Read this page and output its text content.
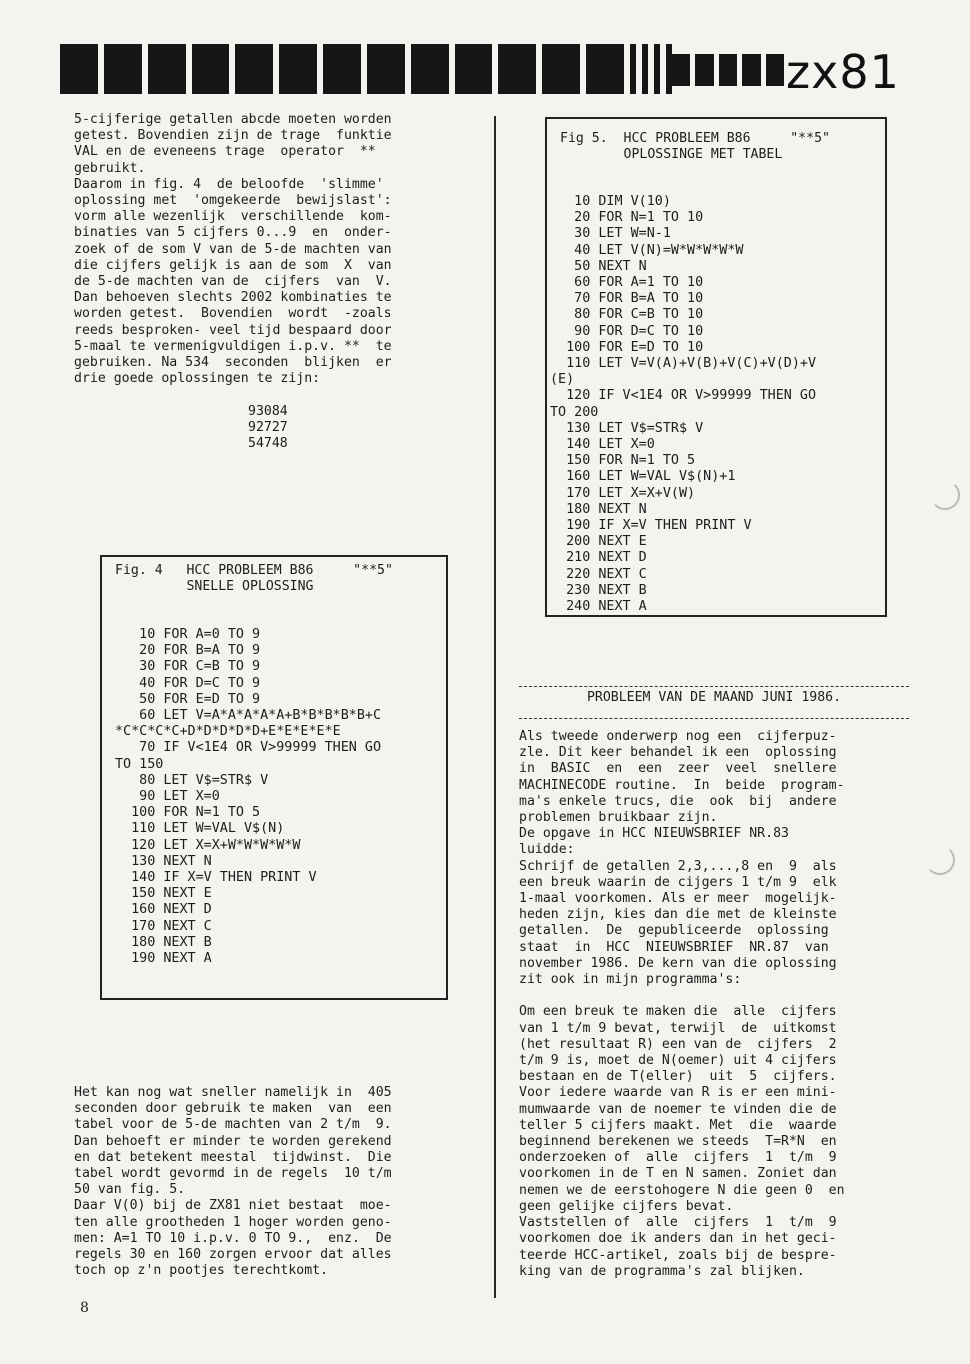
zx81
5-cijferige getallen abcde moeten worden
getest. Bovendien zijn de trage  funktie
VAL en de eveneens trage  operator  **
gebruikt.
Daarom in fig. 4  de beloofde  'slimme'
oplossing met  'omgekeerde  bewijslast':
vorm alle wezenlijk  verschillende  kom-
binaties van 5 cijfers 0...9  en  onder-
zoek of de som V van de 5-de machten van
die cijfers gelijk is aan de som  X  van
de 5-de machten van de  cijfers  van  V.
Dan behoeven slechts 2002 kombinaties te
worden getest.  Bovendien  wordt  -zoals
reeds besproken- veel tijd bespaard door
5-maal te vermenigvuldigen i.p.v. **  te
gebruiken. Na 534  seconden  blijken  er
drie goede oplossingen te zijn:
93084
92727
54748
Fig. 4   HCC PROBLEEM B86     "**5"
SNELLE OPLOSSING
10 FOR A=0 TO 9
20 FOR B=A TO 9
30 FOR C=B TO 9
40 FOR D=C TO 9
50 FOR E=D TO 9
60 LET V=A*A*A*A*A+B*B*B*B*B+C
*C*C*C*C+D*D*D*D*D+E*E*E*E*E
70 IF V<1E4 OR V>99999 THEN GO
TO 150
80 LET V$=STR$ V
90 LET X=0
100 FOR N=1 TO 5
110 LET W=VAL V$(N)
120 LET X=X+W*W*W*W*W
130 NEXT N
140 IF X=V THEN PRINT V
150 NEXT E
160 NEXT D
170 NEXT C
180 NEXT B
190 NEXT A
Het kan nog wat sneller namelijk in  405
seconden door gebruik te maken  van  een
tabel voor de 5-de machten van 2 t/m  9.
Dan behoeft er minder te worden gerekend
en dat betekent meestal  tijdwinst.  Die
tabel wordt gevormd in de regels  10 t/m
50 van fig. 5.
Daar V(0) bij de ZX81 niet bestaat  moe-
ten alle grootheden 1 hoger worden geno-
men: A=1 TO 10 i.p.v. 0 TO 9.,  enz.  De
regels 30 en 160 zorgen ervoor dat alles
toch op z'n pootjes terechtkomt.
Fig 5.  HCC PROBLEEM B86     "**5"
OPLOSSINGE MET TABEL
10 DIM V(10)
20 FOR N=1 TO 10
30 LET W=N-1
40 LET V(N)=W*W*W*W*W
50 NEXT N
60 FOR A=1 TO 10
70 FOR B=A TO 10
80 FOR C=B TO 10
90 FOR D=C TO 10
100 FOR E=D TO 10
110 LET V=V(A)+V(B)+V(C)+V(D)+V
(E)
120 IF V<1E4 OR V>99999 THEN GO
TO 200
130 LET V$=STR$ V
140 LET X=0
150 FOR N=1 TO 5
160 LET W=VAL V$(N)+1
170 LET X=X+V(W)
180 NEXT N
190 IF X=V THEN PRINT V
200 NEXT E
210 NEXT D
220 NEXT C
230 NEXT B
240 NEXT A
PROBLEEM VAN DE MAAND JUNI 1986.
Als tweede onderwerp nog een  cijferpuz-
zle. Dit keer behandel ik een  oplossing
in  BASIC  en  een  zeer  veel  snellere
MACHINECODE routine.  In  beide  program-
ma's enkele trucs, die  ook  bij  andere
problemen bruikbaar zijn.
De opgave in HCC NIEUWSBRIEF NR.83
luidde:
Schrijf de getallen 2,3,...,8 en  9  als
een breuk waarin de cijgers 1 t/m 9  elk
1-maal voorkomen. Als er meer  mogelijk-
heden zijn, kies dan die met de kleinste
getallen.  De  gepubliceerde  oplossing
staat  in  HCC  NIEUWSBRIEF  NR.87  van
november 1986. De kern van die oplossing
zit ook in mijn programma's:

Om een breuk te maken die  alle  cijfers
van 1 t/m 9 bevat, terwijl  de  uitkomst
(het resultaat R) een van de  cijfers  2
t/m 9 is, moet de N(oemer) uit 4 cijfers
bestaan en de T(eller)  uit  5  cijfers.
Voor iedere waarde van R is er een mini-
mumwaarde van de noemer te vinden die de
teller 5 cijfers maakt. Met  die  waarde
beginnend berekenen we steeds  T=R*N  en
onderzoeken of  alle  cijfers  1  t/m  9
voorkomen in de T en N samen. Zoniet dan
nemen we de eerstohogere N die geen 0  en
geen gelijke cijfers bevat.
Vaststellen of  alle  cijfers  1  t/m  9
voorkomen doe ik anders dan in het geci-
teerde HCC-artikel, zoals bij de bespre-
king van de programma's zal blijken.
8
